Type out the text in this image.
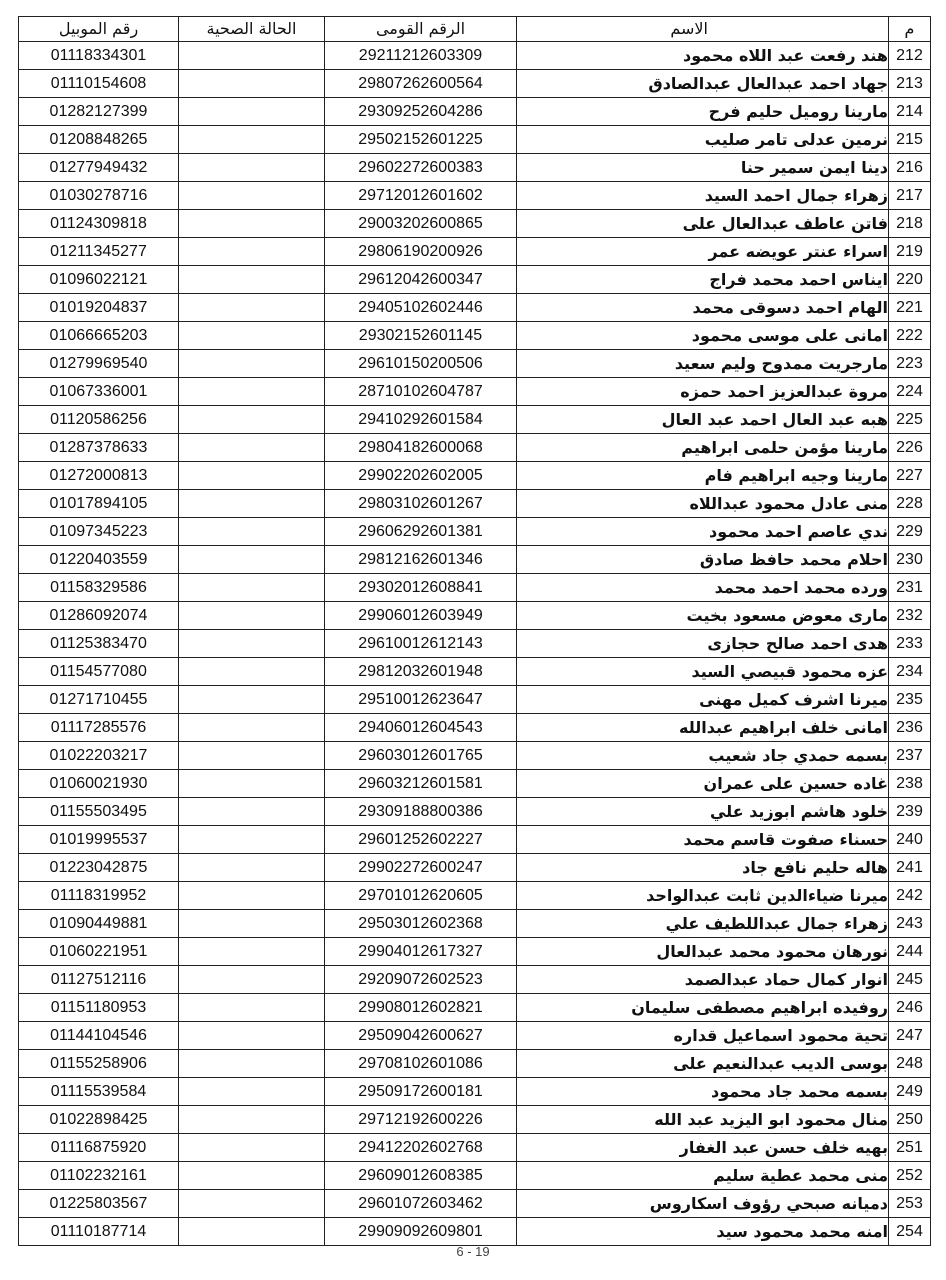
م	الاسم	الرقم القومى	الحالة الصحية	رقم الموبيل
212	هند رفعت عبد اللاه محمود	29211212603309		01118334301
213	جهاد احمد عبدالعال عبدالصادق	29807262600564		01110154608
214	مارينا روميل حليم فرح	29309252604286		01282127399
215	نرمين عدلى تامر صليب	29502152601225		01208848265
216	دينا ايمن سمير حنا	29602272600383		01277949432
217	زهراء جمال احمد السيد	29712012601602		01030278716
218	فاتن عاطف عبدالعال على	29003202600865		01124309818
219	اسراء عنتر عويضه عمر	29806190200926		01211345277
220	ايناس احمد محمد فراج	29612042600347		01096022121
221	الهام احمد دسوقى محمد	29405102602446		01019204837
222	امانى على موسى محمود	29302152601145		01066665203
223	مارجريت ممدوح وليم سعيد	29610150200506		01279969540
224	مروة عبدالعزيز احمد حمزه	28710102604787		01067336001
225	هبه عبد العال احمد عبد العال	29410292601584		01120586256
226	مارينا مؤمن حلمى ابراهيم	29804182600068		01287378633
227	مارينا وجيه ابراهيم فام	29902202602005		01272000813
228	منى عادل محمود عبداللاه	29803102601267		01017894105
229	ندي عاصم احمد محمود	29606292601381		01097345223
230	احلام محمد حافظ صادق	29812162601346		01220403559
231	ورده محمد احمد محمد	29302012608841		01158329586
232	مارى معوض مسعود بخيت	29906012603949		01286092074
233	هدى احمد صالح حجازى	29610012612143		01125383470
234	عزه محمود قبيصي السيد	29812032601948		01154577080
235	ميرنا اشرف كميل مهنى	29510012623647		01271710455
236	امانى خلف ابراهيم عبدالله	29406012604543		01117285576
237	بسمه حمدي جاد شعيب	29603012601765		01022203217
238	غاده حسين على عمران	29603212601581		01060021930
239	خلود هاشم ابوزيد علي	29309188800386		01155503495
240	حسناء صفوت قاسم محمد	29601252602227		01019995537
241	هاله حليم نافع جاد	29902272600247		01223042875
242	ميرنا ضياءالدين ثابت عبدالواحد	29701012620605		01118319952
243	زهراء جمال عبداللطيف علي	29503012602368		01090449881
244	نورهان محمود محمد عبدالعال	29904012617327		01060221951
245	انوار كمال حماد عبدالصمد	29209072602523		01127512116
246	روفيده ابراهيم مصطفى سليمان	29908012602821		01151180953
247	تحية محمود اسماعيل قداره	29509042600627		01144104546
248	بوسى الديب عبدالنعيم على	29708102601086		01155258906
249	بسمه محمد جاد محمود	29509172600181		01115539584
250	منال محمود ابو اليزيد عبد الله	29712192600226		01022898425
251	بهيه خلف حسن عبد الغفار	29412202602768		01116875920
252	منى محمد عطية سليم	29609012608385		01102232161
253	دميانه صبحي رؤوف اسكاروس	29601072603462		01225803567
254	امنه محمد محمود سيد	29909092609801		01110187714
6 - 19
